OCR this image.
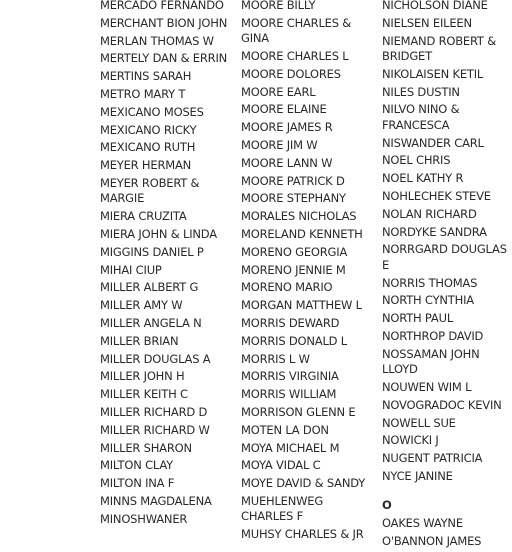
MERCADO FERNANDO
MERCHANT BION JOHN
MERLAN THOMAS W
MERTELY DAN & ERRIN
MERTINS SARAH
METRO MARY T
MEXICANO MOSES
MEXICANO RICKY
MEXICANO RUTH
MEYER HERMAN
MEYER ROBERT & MARGIE
MIERA CRUZITA
MIERA JOHN & LINDA
MIGGINS DANIEL P
MIHAI CIUP
MILLER ALBERT G
MILLER AMY W
MILLER ANGELA N
MILLER BRIAN
MILLER DOUGLAS A
MILLER JOHN H
MILLER KEITH C
MILLER RICHARD D
MILLER RICHARD W
MILLER SHARON
MILTON CLAY
MILTON INA F
MINNS MAGDALENA
MINOSHWANER
MOORE BILLY
MOORE CHARLES & GINA
MOORE CHARLES L
MOORE DOLORES
MOORE EARL
MOORE ELAINE
MOORE JAMES R
MOORE JIM W
MOORE LANN W
MOORE PATRICK D
MOORE STEPHANY
MORALES NICHOLAS
MORELAND KENNETH
MORENO GEORGIA
MORENO JENNIE M
MORENO MARIO
MORGAN MATTHEW L
MORRIS DEWARD
MORRIS DONALD L
MORRIS L W
MORRIS VIRGINIA
MORRIS WILLIAM
MORRISON GLENN E
MOTEN LA DON
MOYA MICHAEL M
MOYA VIDAL C
MOYE DAVID & SANDY
MUEHLENWEG CHARLES F
MUHSY CHARLES & JR
NICHOLSON DIANE
NIELSEN EILEEN
NIEMAND ROBERT & BRIDGET
NIKOLAISEN KETIL
NILES DUSTIN
NILVO NINO & FRANCESCA
NISWANDER CARL
NOEL CHRIS
NOEL KATHY R
NOHLECHEK STEVE
NOLAN RICHARD
NORDYKE SANDRA
NORRGARD DOUGLAS E
NORRIS THOMAS
NORTH CYNTHIA
NORTH PAUL
NORTHROP DAVID
NOSSAMAN JOHN LLOYD
NOUWEN WIM L
NOVOGRADOC KEVIN
NOWELL SUE
NOWICKI J
NUGENT PATRICIA
NYCE JANINE
O
OAKES WAYNE
O'BANNON JAMES
